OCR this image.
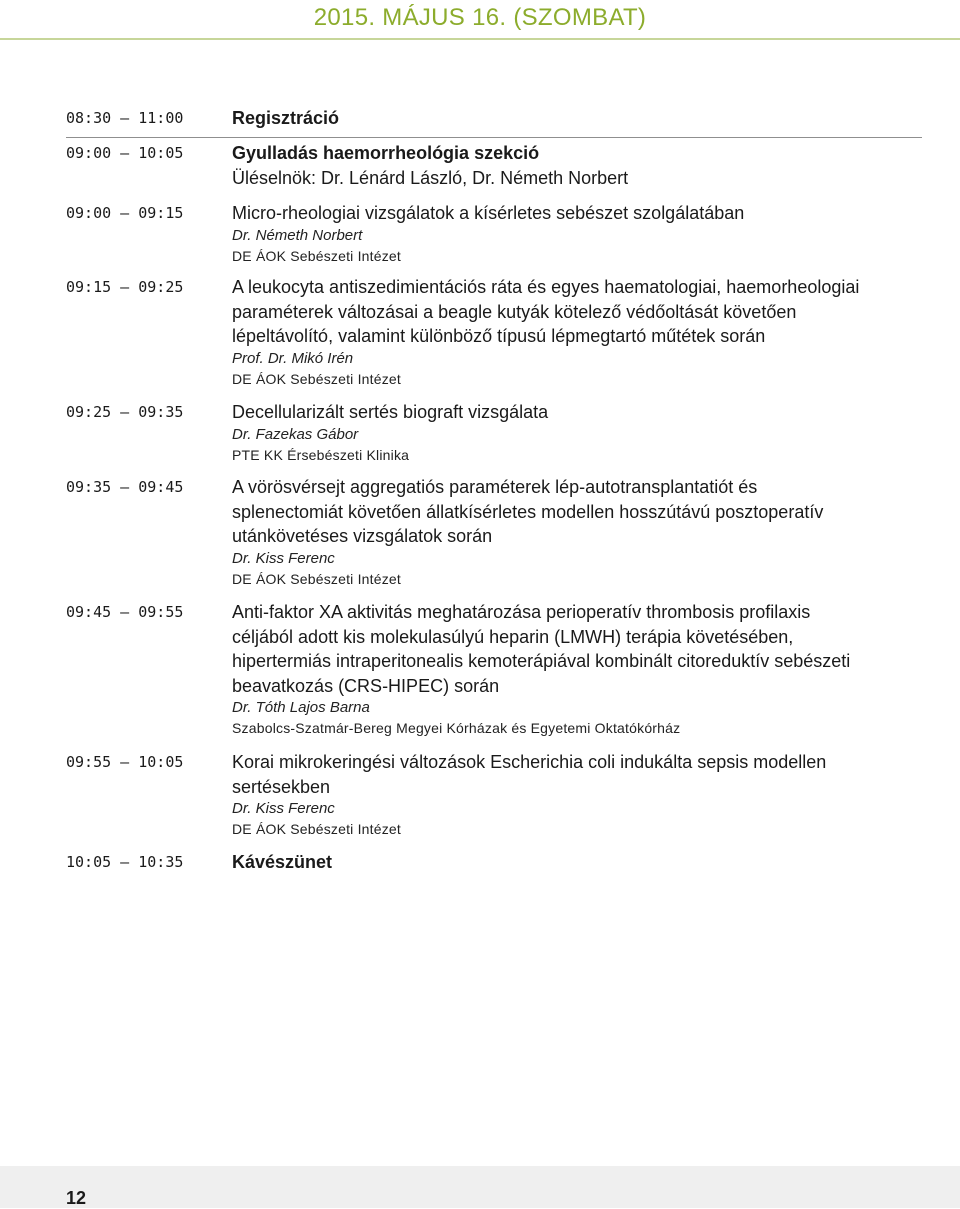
2015. MÁJUS 16. (SZOMBAT)
08:30 – 11:00	Regisztráció
09:00 – 10:05	Gyulladás haemorrheológia szekció
Üléselnök: Dr. Lénárd László, Dr. Németh Norbert
09:00 – 09:15	Micro-rheologiai vizsgálatok a kísérletes sebészet szolgálatában
Dr. Németh Norbert
DE ÁOK Sebészeti Intézet
09:15 – 09:25	A leukocyta antiszedimientációs ráta és egyes haematologiai, haemorheologiai
paraméterek változásai a beagle kutyák kötelező védőoltását követően
lépeltávolító, valamint különböző típusú lépmegtartó műtétek során
Prof. Dr. Mikó Irén
DE ÁOK Sebészeti Intézet
09:25 – 09:35	Decellularizált sertés biograft vizsgálata
Dr. Fazekas Gábor
PTE KK Érsebészeti Klinika
09:35 – 09:45	A vörösvérsejt aggregatiós paraméterek lép-autotransplantatiót és
splenectomiát követően állatkísérletes modellen hosszútávú posztoperatív
utánkövetéses vizsgálatok során
Dr. Kiss Ferenc
DE ÁOK Sebészeti Intézet
09:45 – 09:55	Anti-faktor XA aktivitás meghatározása perioperatív thrombosis profilaxis
céljából adott kis molekulasúlyú heparin (LMWH) terápia követésében,
hipertermiás intraperitonealis kemoterápiával kombinált citoreduktív sebészeti
beavatkozás (CRS-HIPEC) során
Dr. Tóth Lajos Barna
Szabolcs-Szatmár-Bereg Megyei Kórházak és Egyetemi Oktatókórház
09:55 – 10:05	Korai mikrokeringési változások Escherichia coli indukálta sepsis modellen
sertésekben
Dr. Kiss Ferenc
DE ÁOK Sebészeti Intézet
10:05 – 10:35	Kávészünet
12
